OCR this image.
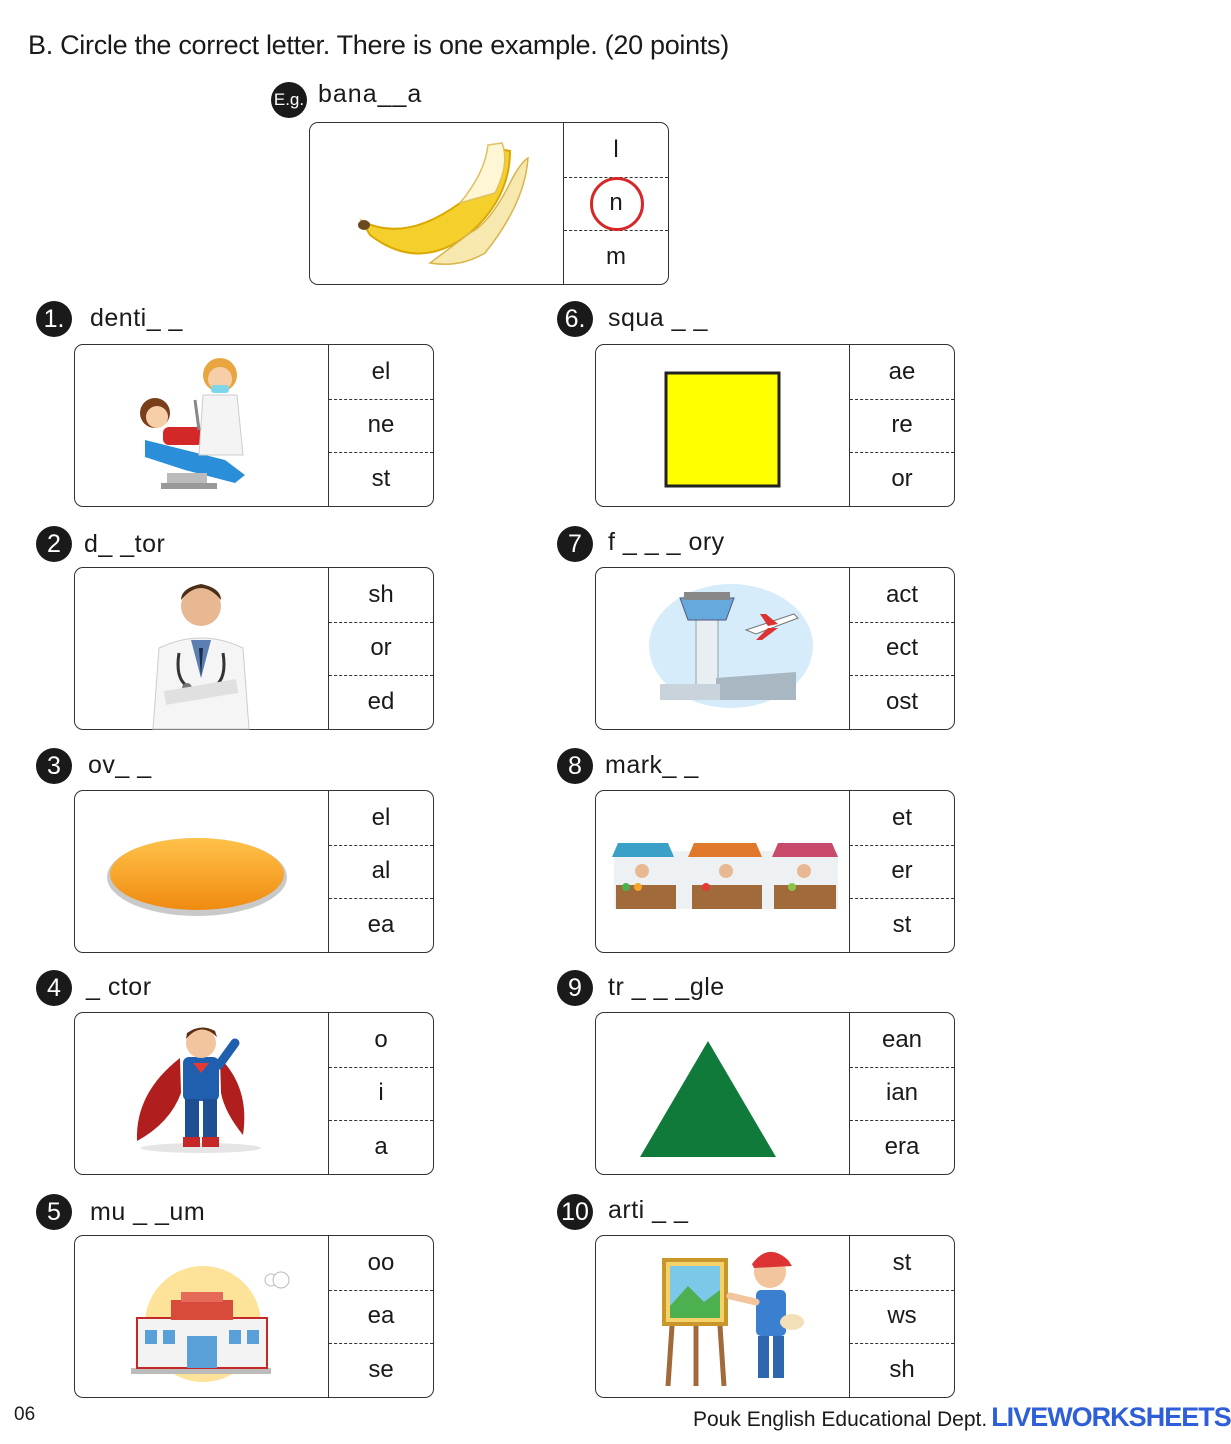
B. Circle the correct letter. There is one example. (20 points)
E.g. bana__a
l
n
m
1.	denti_ _
el
ne
st
2 d_ _tor
sh
or
ed
3	ov_ _
el
al
ea
4	_ ctor
o
i
a
5	mu _ _um
oo
ea
se
6. squa _ _
ae
re
or
7	f _ _ _ ory
act
ect
ost
8 mark_ _
et
er
st
9	tr _ _ _gle
ean
ian
era
10 arti _ _
st
ws
sh
06	Pouk English Educational Dept. LIVEWORKSHEETS
